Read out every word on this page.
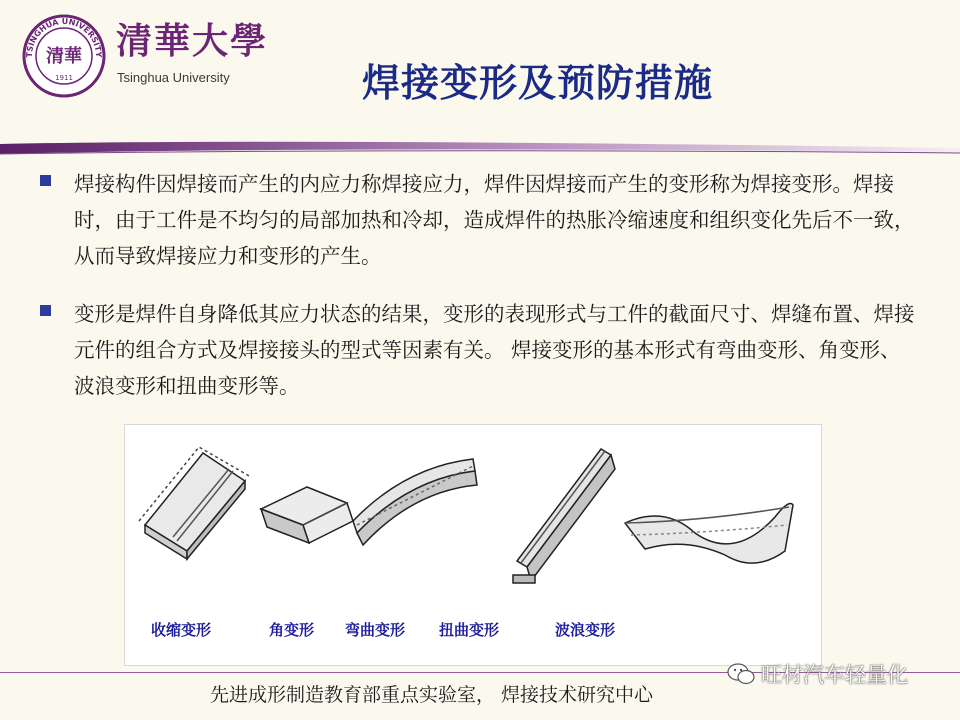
TSINGHUA UNIVERSITY
清華
1911
清華大學
Tsinghua University	焊接变形及预防措施
焊接构件因焊接而产生的内应力称焊接应力，焊件因焊接而产生的变形称为焊接变形。焊接时，由于工件是不均匀的局部加热和冷却，造成焊件的热胀冷缩速度和组织变化先后不一致，从而导致焊接应力和变形的产生。
变形是焊件自身降低其应力状态的结果，变形的表现形式与工件的截面尺寸、焊缝布置、焊接元件的组合方式及焊接接头的型式等因素有关。 焊接变形的基本形式有弯曲变形、角变形、波浪变形和扭曲变形等。
收缩变形	角变形 弯曲变形 扭曲变形	波浪变形
先进成形制造教育部重点实验室， 焊接技术研究中心
旺材汽车轻量化
